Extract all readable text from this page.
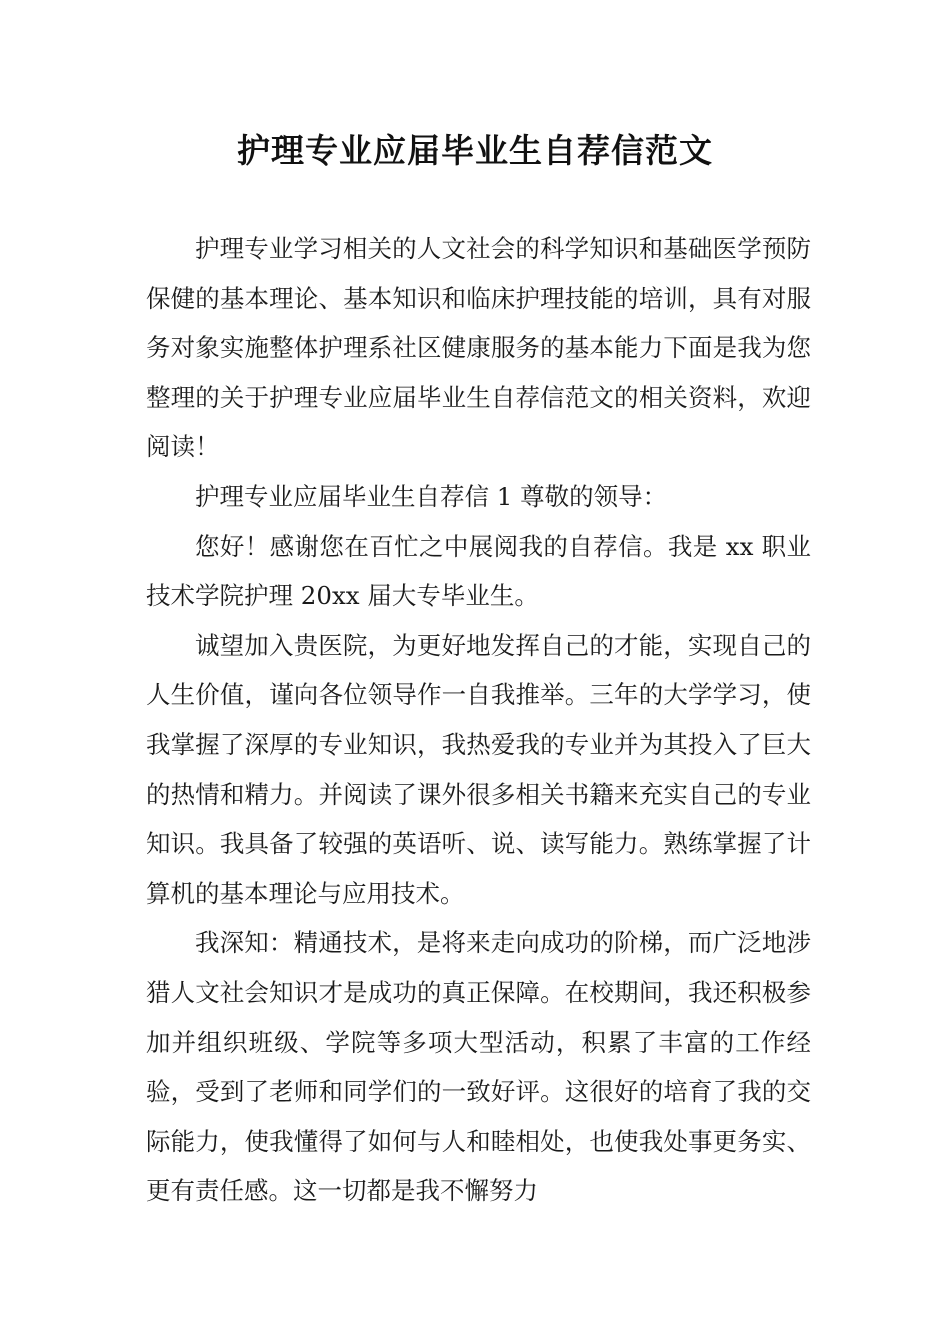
护理专业应届毕业生自荐信范文

护理专业学习相关的人文社会的科学知识和基础医学预防保健的基本理论、基本知识和临床护理技能的培训，具有对服务对象实施整体护理系社区健康服务的基本能力下面是我为您整理的关于护理专业应届毕业生自荐信范文的相关资料，欢迎阅读！

护理专业应届毕业生自荐信 1 尊敬的领导：

您好！感谢您在百忙之中展阅我的自荐信。我是 xx 职业技术学院护理 20xx 届大专毕业生。

诚望加入贵医院，为更好地发挥自己的才能，实现自己的人生价值，谨向各位领导作一自我推举。三年的大学学习，使我掌握了深厚的专业知识，我热爱我的专业并为其投入了巨大的热情和精力。并阅读了课外很多相关书籍来充实自己的专业知识。我具备了较强的英语听、说、读写能力。熟练掌握了计算机的基本理论与应用技术。

我深知：精通技术，是将来走向成功的阶梯，而广泛地涉猎人文社会知识才是成功的真正保障。在校期间，我还积极参加并组织班级、学院等多项大型活动，积累了丰富的工作经验，受到了老师和同学们的一致好评。这很好的培育了我的交际能力，使我懂得了如何与人和睦相处，也使我处事更务实、更有责任感。这一切都是我不懈努力
